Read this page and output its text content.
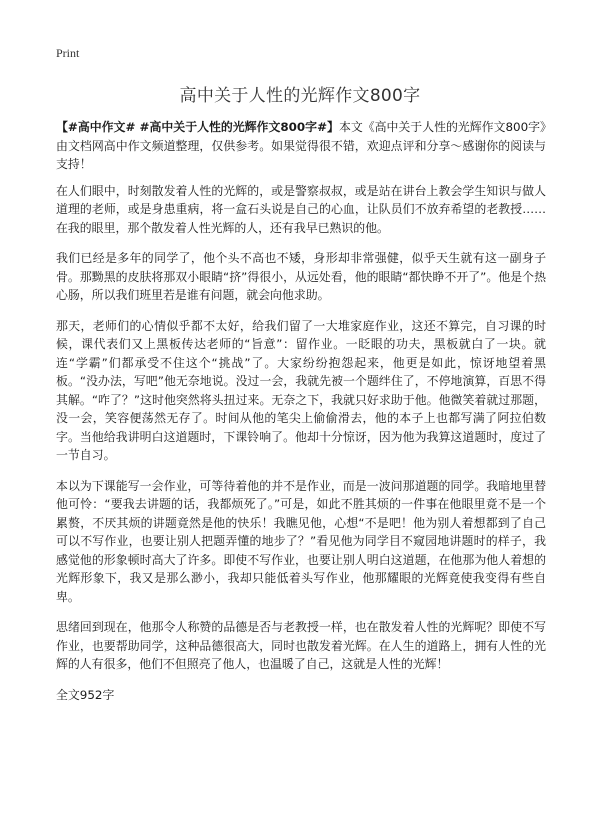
Print
高中关于人性的光辉作文800字

【#高中作文# #高中关于人性的光辉作文800字#】本文《高中关于人性的光辉作文800字》由文档网高中作文频道整理，仅供参考。如果觉得很不错，欢迎点评和分享～感谢你的阅读与支持！

在人们眼中，时刻散发着人性的光辉的，或是警察叔叔，或是站在讲台上教会学生知识与做人道理的老师，或是身患重病，将一盒石头说是自己的心血，让队员们不放弃希望的老教授……在我的眼里，那个散发着人性光辉的人，还有我早已熟识的他。

我们已经是多年的同学了，他个头不高也不矮，身形却非常强健，似乎天生就有这一副身子骨。那黝黑的皮肤将那双小眼睛“挤”得很小，从远处看，他的眼睛“都快睁不开了”。他是个热心肠，所以我们班里若是谁有问题，就会向他求助。

那天，老师们的心情似乎都不太好，给我们留了一大堆家庭作业，这还不算完，自习课的时候，课代表们又上黑板传达老师的“旨意”：留作业。一眨眼的功夫，黑板就白了一块。就连“学霸”们都承受不住这个“挑战”了。大家纷纷抱怨起来，他更是如此，惊讶地望着黑板。“没办法，写吧”他无奈地说。没过一会，我就先被一个题绊住了，不停地演算，百思不得其解。“咋了？”这时他突然将头扭过来。无奈之下，我就只好求助于他。他微笑着就过那题，没一会，笑容便荡然无存了。时间从他的笔尖上偷偷滑去，他的本子上也都写满了阿拉伯数字。当他给我讲明白这道题时，下课铃响了。他却十分惊讶，因为他为我算这道题时，度过了一节自习。

本以为下课能写一会作业，可等待着他的并不是作业，而是一波问那道题的同学。我暗地里替他可怜：“要我去讲题的话，我都烦死了。”可是，如此不胜其烦的一件事在他眼里竟不是一个累赘，不厌其烦的讲题竟然是他的快乐！我瞧见他，心想“不是吧！他为别人着想都到了自己可以不写作业，也要让别人把题弄懂的地步了？”看见他为同学目不窥园地讲题时的样子，我感觉他的形象顿时高大了许多。即使不写作业，也要让别人明白这道题，在他那为他人着想的光辉形象下，我又是那么渺小，我却只能低着头写作业，他那耀眼的光辉竟使我变得有些自卑。

思绪回到现在，他那令人称赞的品德是否与老教授一样，也在散发着人性的光辉呢？即使不写作业，也要帮助同学，这种品德很高大，同时也散发着光辉。在人生的道路上，拥有人性的光辉的人有很多，他们不但照亮了他人，也温暖了自己，这就是人性的光辉！

全文952字
